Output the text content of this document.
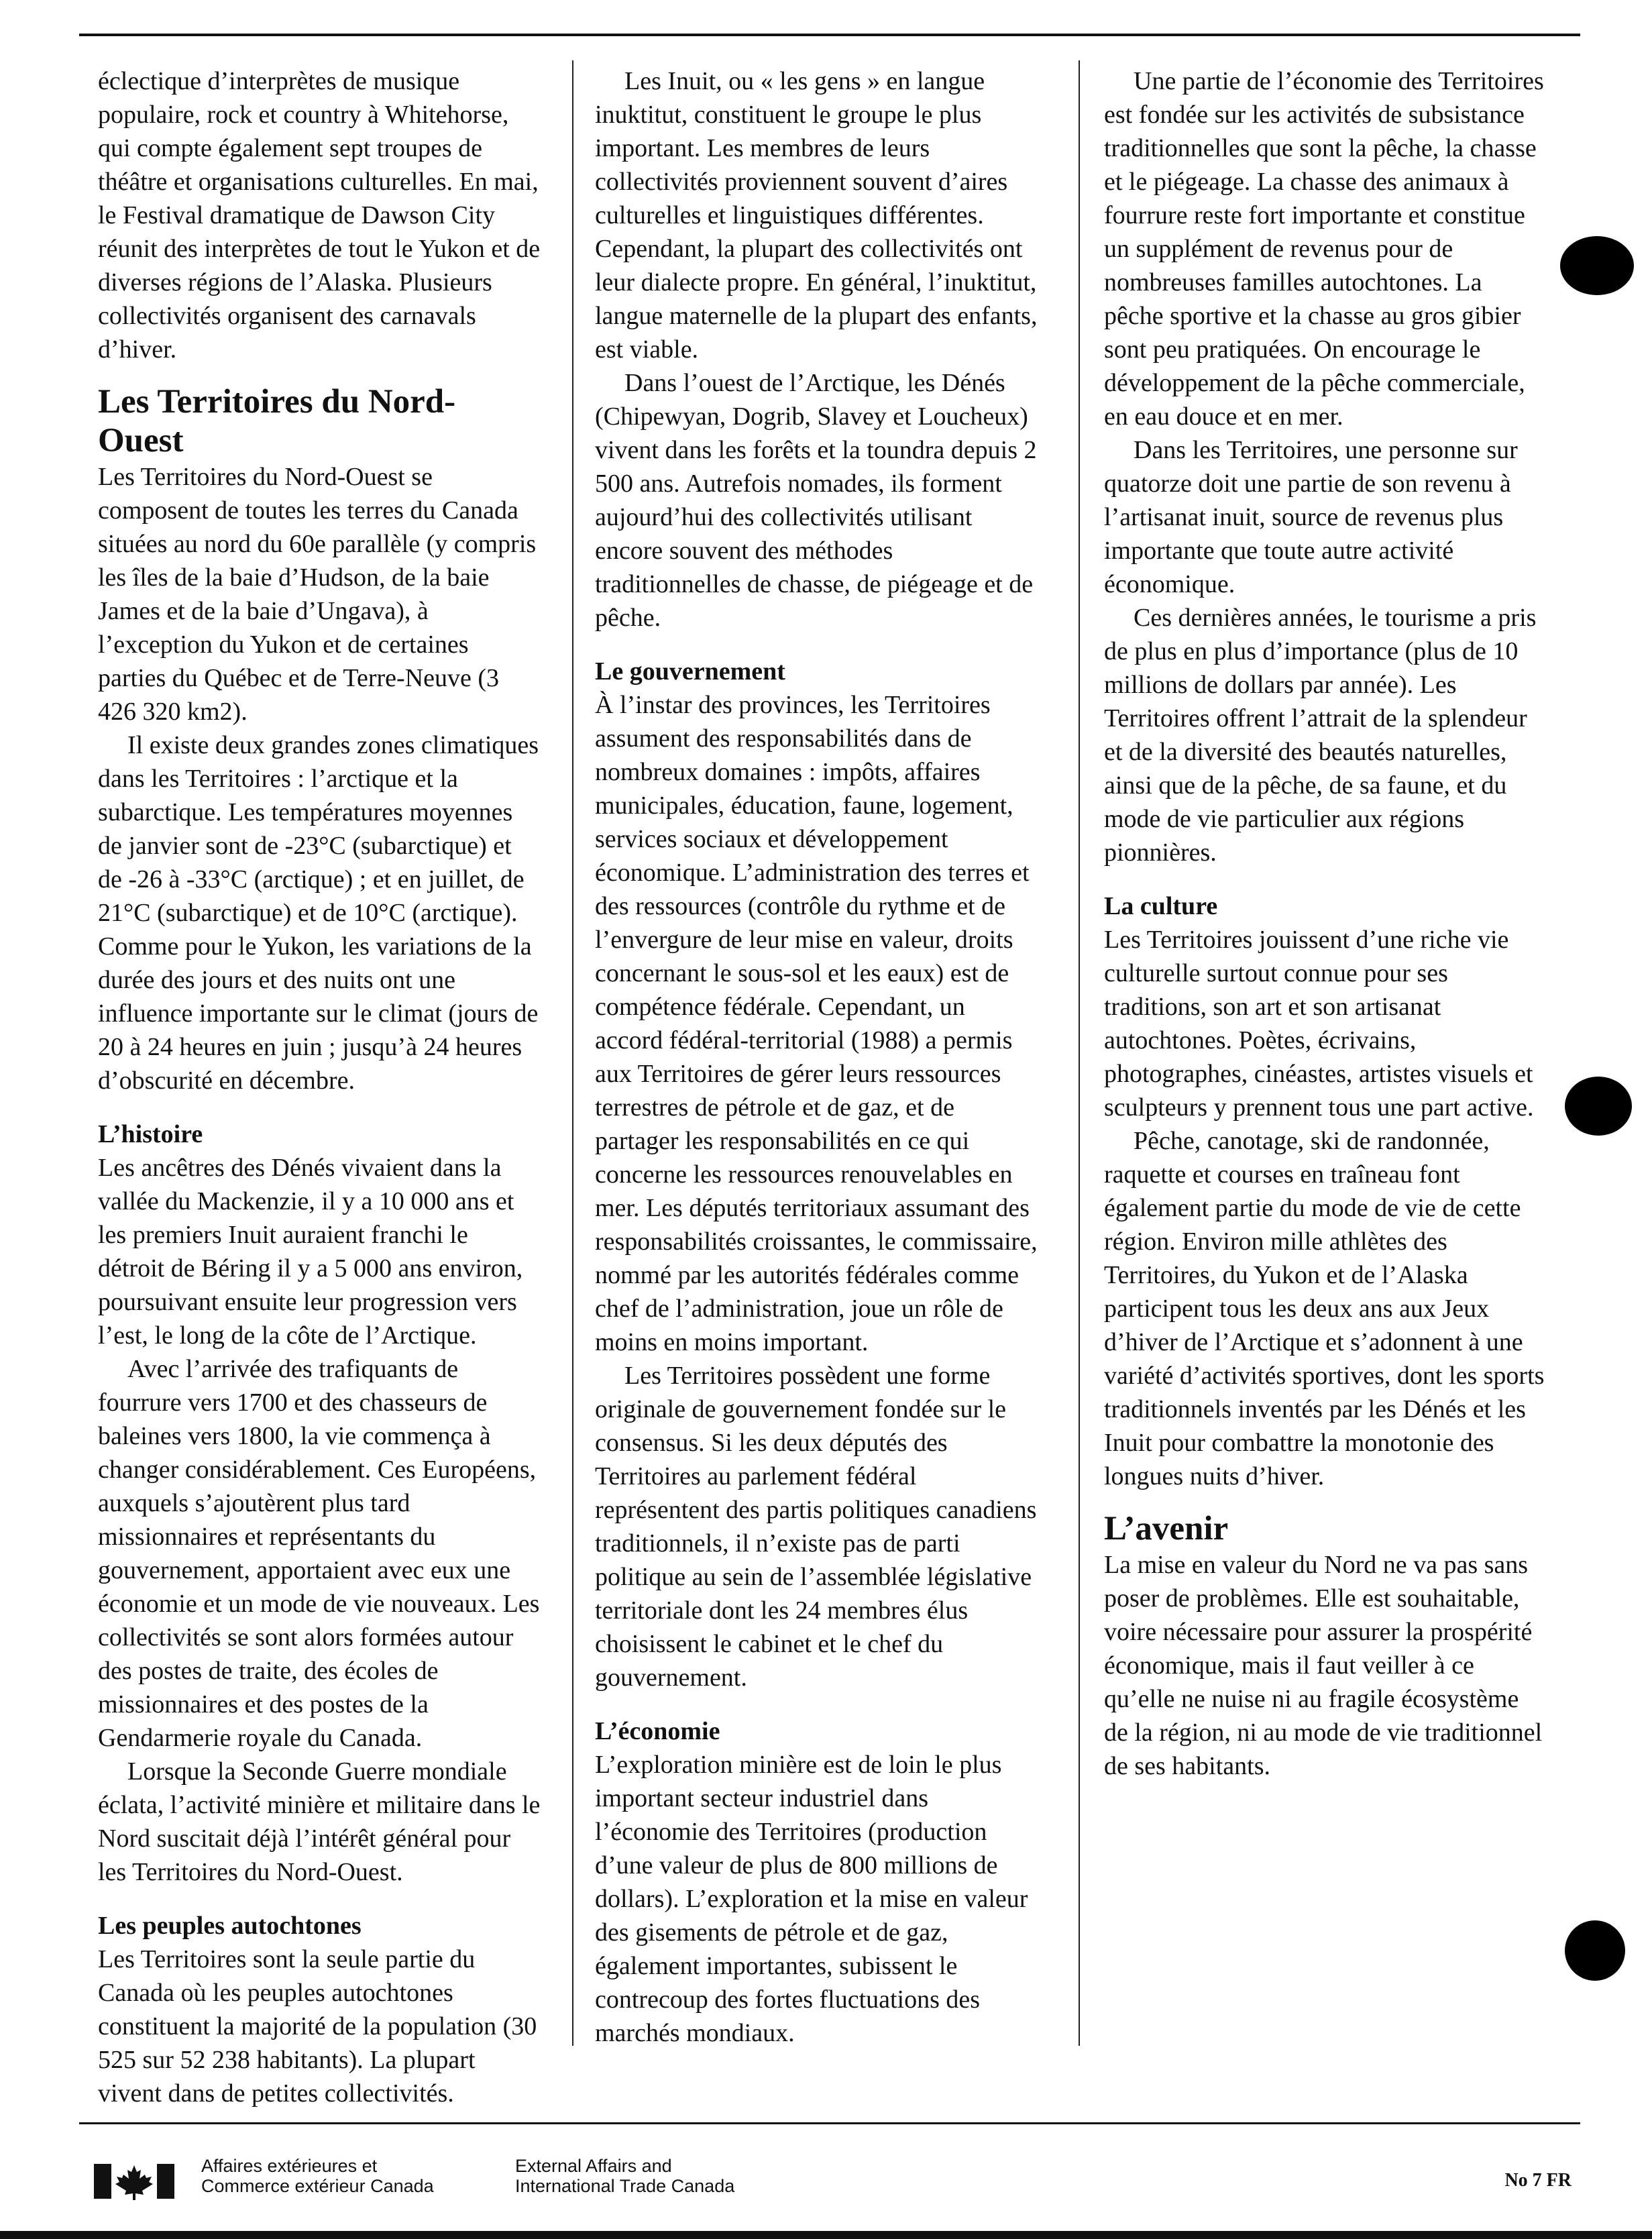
éclectique d’interprètes de musique populaire, rock et country à Whitehorse, qui compte également sept troupes de théâtre et organisations culturelles. En mai, le Festival dramatique de Dawson City réunit des interprètes de tout le Yukon et de diverses régions de l’Alaska. Plusieurs collectivités organisent des carnavals d’hiver.

Les Territoires du Nord-Ouest

Les Territoires du Nord-Ouest se composent de toutes les terres du Canada situées au nord du 60e parallèle (y compris les îles de la baie d’Hudson, de la baie James et de la baie d’Ungava), à l’exception du Yukon et de certaines parties du Québec et de Terre-Neuve (3 426 320 km2).

Il existe deux grandes zones climatiques dans les Territoires : l’arctique et la subarctique. Les températures moyennes de janvier sont de -23°C (subarctique) et de -26 à -33°C (arctique) ; et en juillet, de 21°C (subarctique) et de 10°C (arctique). Comme pour le Yukon, les variations de la durée des jours et des nuits ont une influence importante sur le climat (jours de 20 à 24 heures en juin ; jusqu’à 24 heures d’obscurité en décembre.

L’histoire

Les ancêtres des Dénés vivaient dans la vallée du Mackenzie, il y a 10 000 ans et les premiers Inuit auraient franchi le détroit de Béring il y a 5 000 ans environ, poursuivant ensuite leur progression vers l’est, le long de la côte de l’Arctique.

Avec l’arrivée des trafiquants de fourrure vers 1700 et des chasseurs de baleines vers 1800, la vie commença à changer considérablement. Ces Européens, auxquels s’ajoutèrent plus tard missionnaires et représentants du gouvernement, apportaient avec eux une économie et un mode de vie nouveaux. Les collectivités se sont alors formées autour des postes de traite, des écoles de missionnaires et des postes de la Gendarmerie royale du Canada.

Lorsque la Seconde Guerre mondiale éclata, l’activité minière et militaire dans le Nord suscitait déjà l’intérêt général pour les Territoires du Nord-Ouest.

Les peuples autochtones

Les Territoires sont la seule partie du Canada où les peuples autochtones constituent la majorité de la population (30 525 sur 52 238 habitants). La plupart vivent dans de petites collectivités.

Les Inuit, ou « les gens » en langue inuktitut, constituent le groupe le plus important. Les membres de leurs collectivités proviennent souvent d’aires culturelles et linguistiques différentes. Cependant, la plupart des collectivités ont leur dialecte propre. En général, l’inuktitut, langue maternelle de la plupart des enfants, est viable.

Dans l’ouest de l’Arctique, les Dénés (Chipewyan, Dogrib, Slavey et Loucheux) vivent dans les forêts et la toundra depuis 2 500 ans. Autrefois nomades, ils forment aujourd’hui des collectivités utilisant encore souvent des méthodes traditionnelles de chasse, de piégeage et de pêche.

Le gouvernement

À l’instar des provinces, les Territoires assument des responsabilités dans de nombreux domaines : impôts, affaires municipales, éducation, faune, logement, services sociaux et développement économique. L’administration des terres et des ressources (contrôle du rythme et de l’envergure de leur mise en valeur, droits concernant le sous-sol et les eaux) est de compétence fédérale. Cependant, un accord fédéral-territorial (1988) a permis aux Territoires de gérer leurs ressources terrestres de pétrole et de gaz, et de partager les responsabilités en ce qui concerne les ressources renouvelables en mer. Les députés territoriaux assumant des responsabilités croissantes, le commissaire, nommé par les autorités fédérales comme chef de l’administration, joue un rôle de moins en moins important.

Les Territoires possèdent une forme originale de gouvernement fondée sur le consensus. Si les deux députés des Territoires au parlement fédéral représentent des partis politiques canadiens traditionnels, il n’existe pas de parti politique au sein de l’assemblée législative territoriale dont les 24 membres élus choisissent le cabinet et le chef du gouvernement.

L’économie

L’exploration minière est de loin le plus important secteur industriel dans l’économie des Territoires (production d’une valeur de plus de 800 millions de dollars). L’exploration et la mise en valeur des gisements de pétrole et de gaz, également importantes, subissent le contrecoup des fortes fluctuations des marchés mondiaux.

Une partie de l’économie des Territoires est fondée sur les activités de subsistance traditionnelles que sont la pêche, la chasse et le piégeage. La chasse des animaux à fourrure reste fort importante et constitue un supplément de revenus pour de nombreuses familles autochtones. La pêche sportive et la chasse au gros gibier sont peu pratiquées. On encourage le développement de la pêche commerciale, en eau douce et en mer.

Dans les Territoires, une personne sur quatorze doit une partie de son revenu à l’artisanat inuit, source de revenus plus importante que toute autre activité économique.

Ces dernières années, le tourisme a pris de plus en plus d’importance (plus de 10 millions de dollars par année). Les Territoires offrent l’attrait de la splendeur et de la diversité des beautés naturelles, ainsi que de la pêche, de sa faune, et du mode de vie particulier aux régions pionnières.

La culture

Les Territoires jouissent d’une riche vie culturelle surtout connue pour ses traditions, son art et son artisanat autochtones. Poètes, écrivains, photographes, cinéastes, artistes visuels et sculpteurs y prennent tous une part active.

Pêche, canotage, ski de randonnée, raquette et courses en traîneau font également partie du mode de vie de cette région. Environ mille athlètes des Territoires, du Yukon et de l’Alaska participent tous les deux ans aux Jeux d’hiver de l’Arctique et s’adonnent à une variété d’activités sportives, dont les sports traditionnels inventés par les Dénés et les Inuit pour combattre la monotonie des longues nuits d’hiver.

L’avenir

La mise en valeur du Nord ne va pas sans poser de problèmes. Elle est souhaitable, voire nécessaire pour assurer la prospérité économique, mais il faut veiller à ce qu’elle ne nuise ni au fragile écosystème de la région, ni au mode de vie traditionnel de ses habitants.

Affaires extérieures et
Commerce extérieur Canada
External Affairs and
International Trade Canada	No 7 FR
